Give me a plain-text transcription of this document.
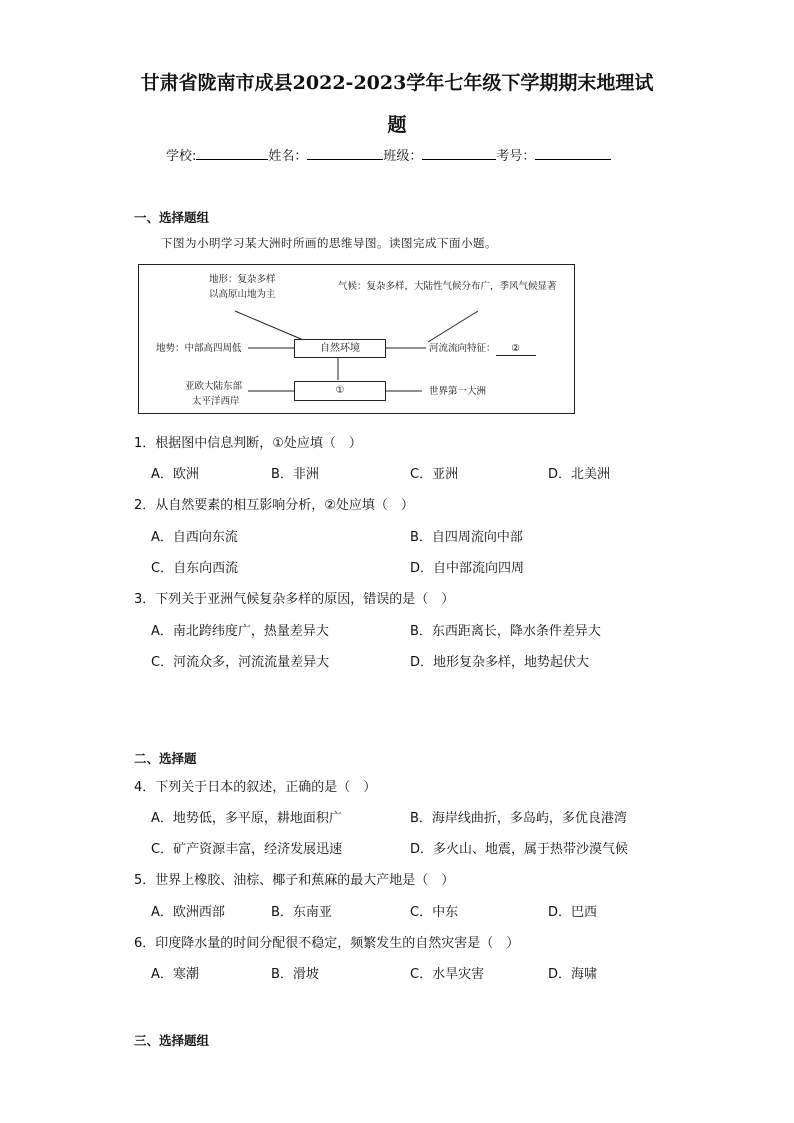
甘肃省陇南市成县2022-2023学年七年级下学期期末地理试
题
学校:	姓名：	班级：	考号：
一、选择题组
下图为小明学习某大洲时所画的思维导图。读图完成下面小题。
地形：复杂多样
以高原山地为主
气候：复杂多样，大陆性气候分布广，季风气候显著
地势：中部高四周低	自然环境	河流流向特征： ②
亚欧大陆东部
太平洋西岸
①	世界第一大洲
1．根据图中信息判断，①处应填（　）
A．欧洲	B．非洲	C．亚洲	D．北美洲
2．从自然要素的相互影响分析，②处应填（　）
A．自西向东流	B．自四周流向中部
C．自东向西流	D．自中部流向四周
3．下列关于亚洲气候复杂多样的原因，错误的是（　）
A．南北跨纬度广，热量差异大	B．东西距离长，降水条件差异大
C．河流众多，河流流量差异大	D．地形复杂多样，地势起伏大
二、选择题
4．下列关于日本的叙述，正确的是（　）
A．地势低，多平原，耕地面积广	B．海岸线曲折，多岛屿，多优良港湾
C．矿产资源丰富，经济发展迅速	D．多火山、地震，属于热带沙漠气候
5．世界上橡胶、油棕、椰子和蕉麻的最大产地是（　）
A．欧洲西部	B．东南亚	C．中东	D．巴西
6．印度降水量的时间分配很不稳定，频繁发生的自然灾害是（　）
A．寒潮	B．滑坡	C．水旱灾害	D．海啸
三、选择题组
